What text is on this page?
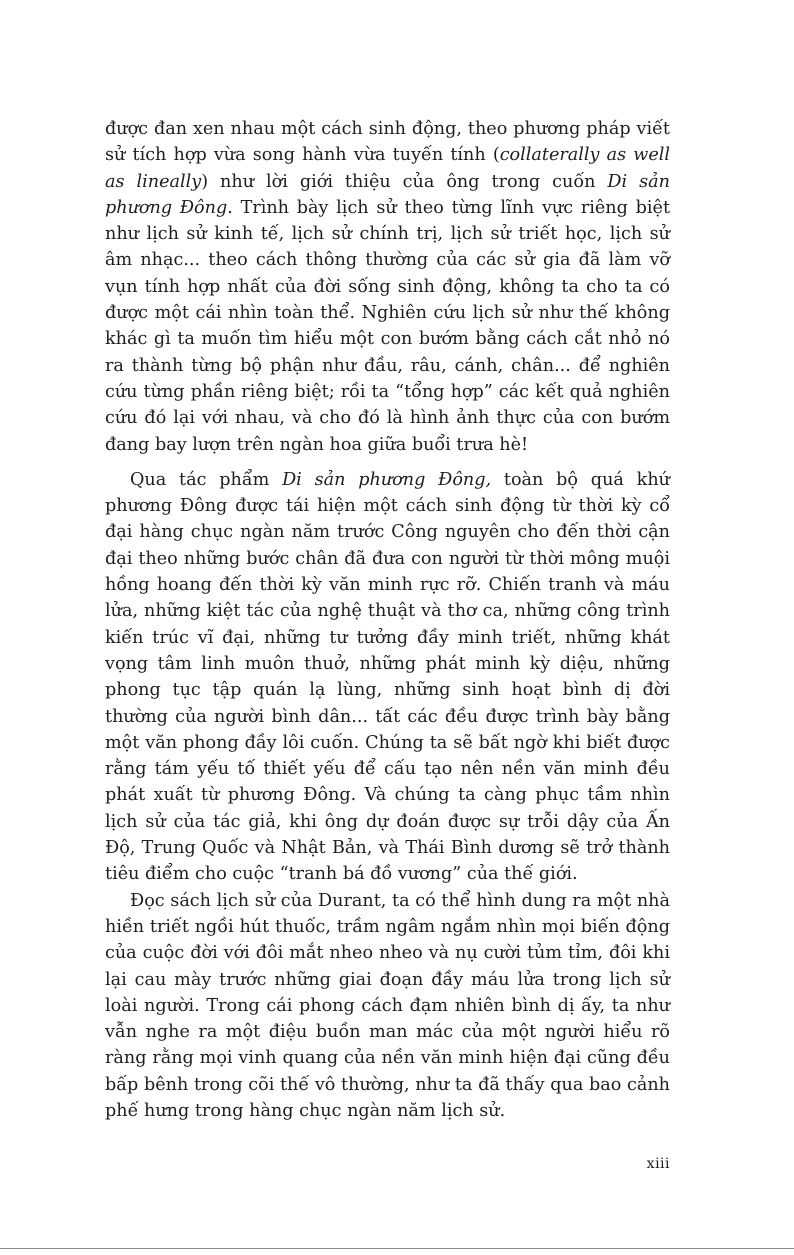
được đan xen nhau một cách sinh động, theo phương pháp viết sử tích hợp vừa song hành vừa tuyến tính (collaterally as well as lineally) như lời giới thiệu của ông trong cuốn Di sản phương Đông. Trình bày lịch sử theo từng lĩnh vực riêng biệt như lịch sử kinh tế, lịch sử chính trị, lịch sử triết học, lịch sử âm nhạc... theo cách thông thường của các sử gia đã làm vỡ vụn tính hợp nhất của đời sống sinh động, không ta cho ta có được một cái nhìn toàn thể. Nghiên cứu lịch sử như thế không khác gì ta muốn tìm hiểu một con bướm bằng cách cắt nhỏ nó ra thành từng bộ phận như đầu, râu, cánh, chân... để nghiên cứu từng phần riêng biệt; rồi ta “tổng hợp” các kết quả nghiên cứu đó lại với nhau, và cho đó là hình ảnh thực của con bướm đang bay lượn trên ngàn hoa giữa buổi trưa hè!

Qua tác phẩm Di sản phương Đông, toàn bộ quá khứ phương Đông được tái hiện một cách sinh động từ thời kỳ cổ đại hàng chục ngàn năm trước Công nguyên cho đến thời cận đại theo những bước chân đã đưa con người từ thời mông muội hồng hoang đến thời kỳ văn minh rực rỡ. Chiến tranh và máu lửa, những kiệt tác của nghệ thuật và thơ ca, những công trình kiến trúc vĩ đại, những tư tưởng đầy minh triết, những khát vọng tâm linh muôn thuở, những phát minh kỳ diệu, những phong tục tập quán lạ lùng, những sinh hoạt bình dị đời thường của người bình dân... tất các đều được trình bày bằng một văn phong đầy lôi cuốn. Chúng ta sẽ bất ngờ khi biết được rằng tám yếu tố thiết yếu để cấu tạo nên nền văn minh đều phát xuất từ phương Đông. Và chúng ta càng phục tầm nhìn lịch sử của tác giả, khi ông dự đoán được sự trỗi dậy của Ấn Độ, Trung Quốc và Nhật Bản, và Thái Bình dương sẽ trở thành tiêu điểm cho cuộc “tranh bá đồ vương” của thế giới.

Đọc sách lịch sử của Durant, ta có thể hình dung ra một nhà hiền triết ngồi hút thuốc, trầm ngâm ngắm nhìn mọi biến động của cuộc đời với đôi mắt nheo nheo và nụ cười tủm tỉm, đôi khi lại cau mày trước những giai đoạn đầy máu lửa trong lịch sử loài người. Trong cái phong cách đạm nhiên bình dị ấy, ta như vẫn nghe ra một điệu buồn man mác của một người hiểu rõ ràng rằng mọi vinh quang của nền văn minh hiện đại cũng đều bấp bênh trong cõi thế vô thường, như ta đã thấy qua bao cảnh phế hưng trong hàng chục ngàn năm lịch sử.

xiii
